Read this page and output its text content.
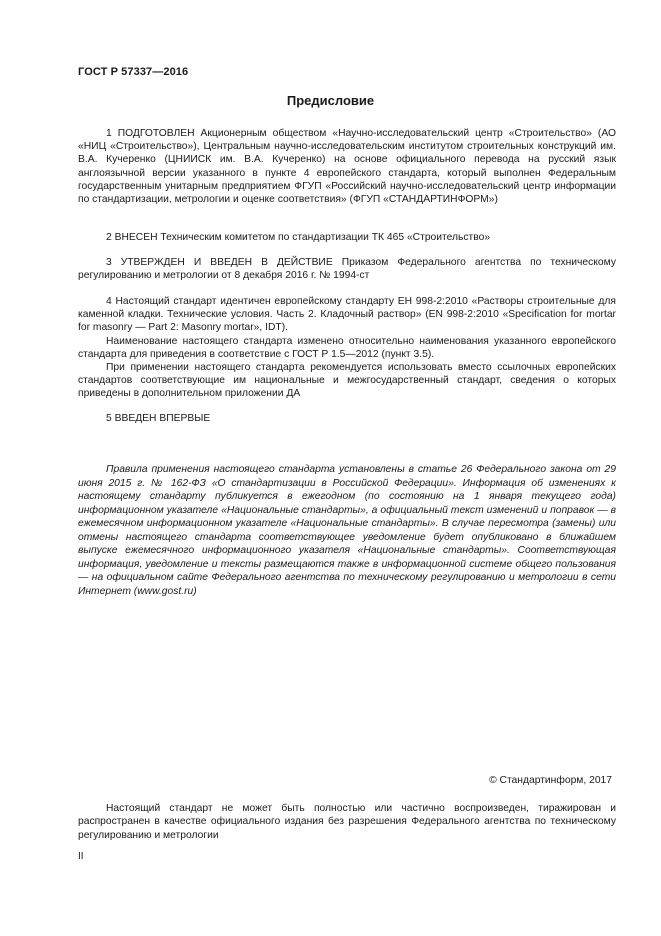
ГОСТ Р 57337—2016
Предисловие

1 ПОДГОТОВЛЕН Акционерным обществом «Научно-исследовательский центр «Строительство» (АО «НИЦ «Строительство»), Центральным научно-исследовательским институтом строительных конструкций им. В.А. Кучеренко (ЦНИИСК им. В.А. Кучеренко) на основе официального перевода на русский язык англоязычной версии указанного в пункте 4 европейского стандарта, который выполнен Федеральным государственным унитарным предприятием ФГУП «Российский научно-исследовательский центр информации по стандартизации, метрологии и оценке соответствия» (ФГУП «СТАНДАРТИНФОРМ»)

2 ВНЕСЕН Техническим комитетом по стандартизации ТК 465 «Строительство»

3 УТВЕРЖДЕН И ВВЕДЕН В ДЕЙСТВИЕ Приказом Федерального агентства по техническому регулированию и метрологии от 8 декабря 2016 г. № 1994-ст

4 Настоящий стандарт идентичен европейскому стандарту ЕН 998-2:2010 «Растворы строительные для каменной кладки. Технические условия. Часть 2. Кладочный раствор» (EN 998-2:2010 «Specification for mortar for masonry — Part 2: Masonry mortar», IDT).

Наименование настоящего стандарта изменено относительно наименования указанного европейского стандарта для приведения в соответствие с ГОСТ Р 1.5—2012 (пункт 3.5).

При применении настоящего стандарта рекомендуется использовать вместо ссылочных европейских стандартов соответствующие им национальные и межгосударственный стандарт, сведения о которых приведены в дополнительном приложении ДА

5 ВВЕДЕН ВПЕРВЫЕ

Правила применения настоящего стандарта установлены в статье 26 Федерального закона от 29 июня 2015 г. № 162-ФЗ «О стандартизации в Российской Федерации». Информация об изменениях к настоящему стандарту публикуется в ежегодном (по состоянию на 1 января текущего года) информационном указателе «Национальные стандарты», а официальный текст изменений и поправок — в ежемесячном информационном указателе «Национальные стандарты». В случае пересмотра (замены) или отмены настоящего стандарта соответствующее уведомление будет опубликовано в ближайшем выпуске ежемесячного информационного указателя «Национальные стандарты». Соответствующая информация, уведомление и тексты размещаются также в информационной системе общего пользования — на официальном сайте Федерального агентства по техническому регулированию и метрологии в сети Интернет (www.gost.ru)

© Стандартинформ, 2017

Настоящий стандарт не может быть полностью или частично воспроизведен, тиражирован и распространен в качестве официального издания без разрешения Федерального агентства по техническому регулированию и метрологии

II
